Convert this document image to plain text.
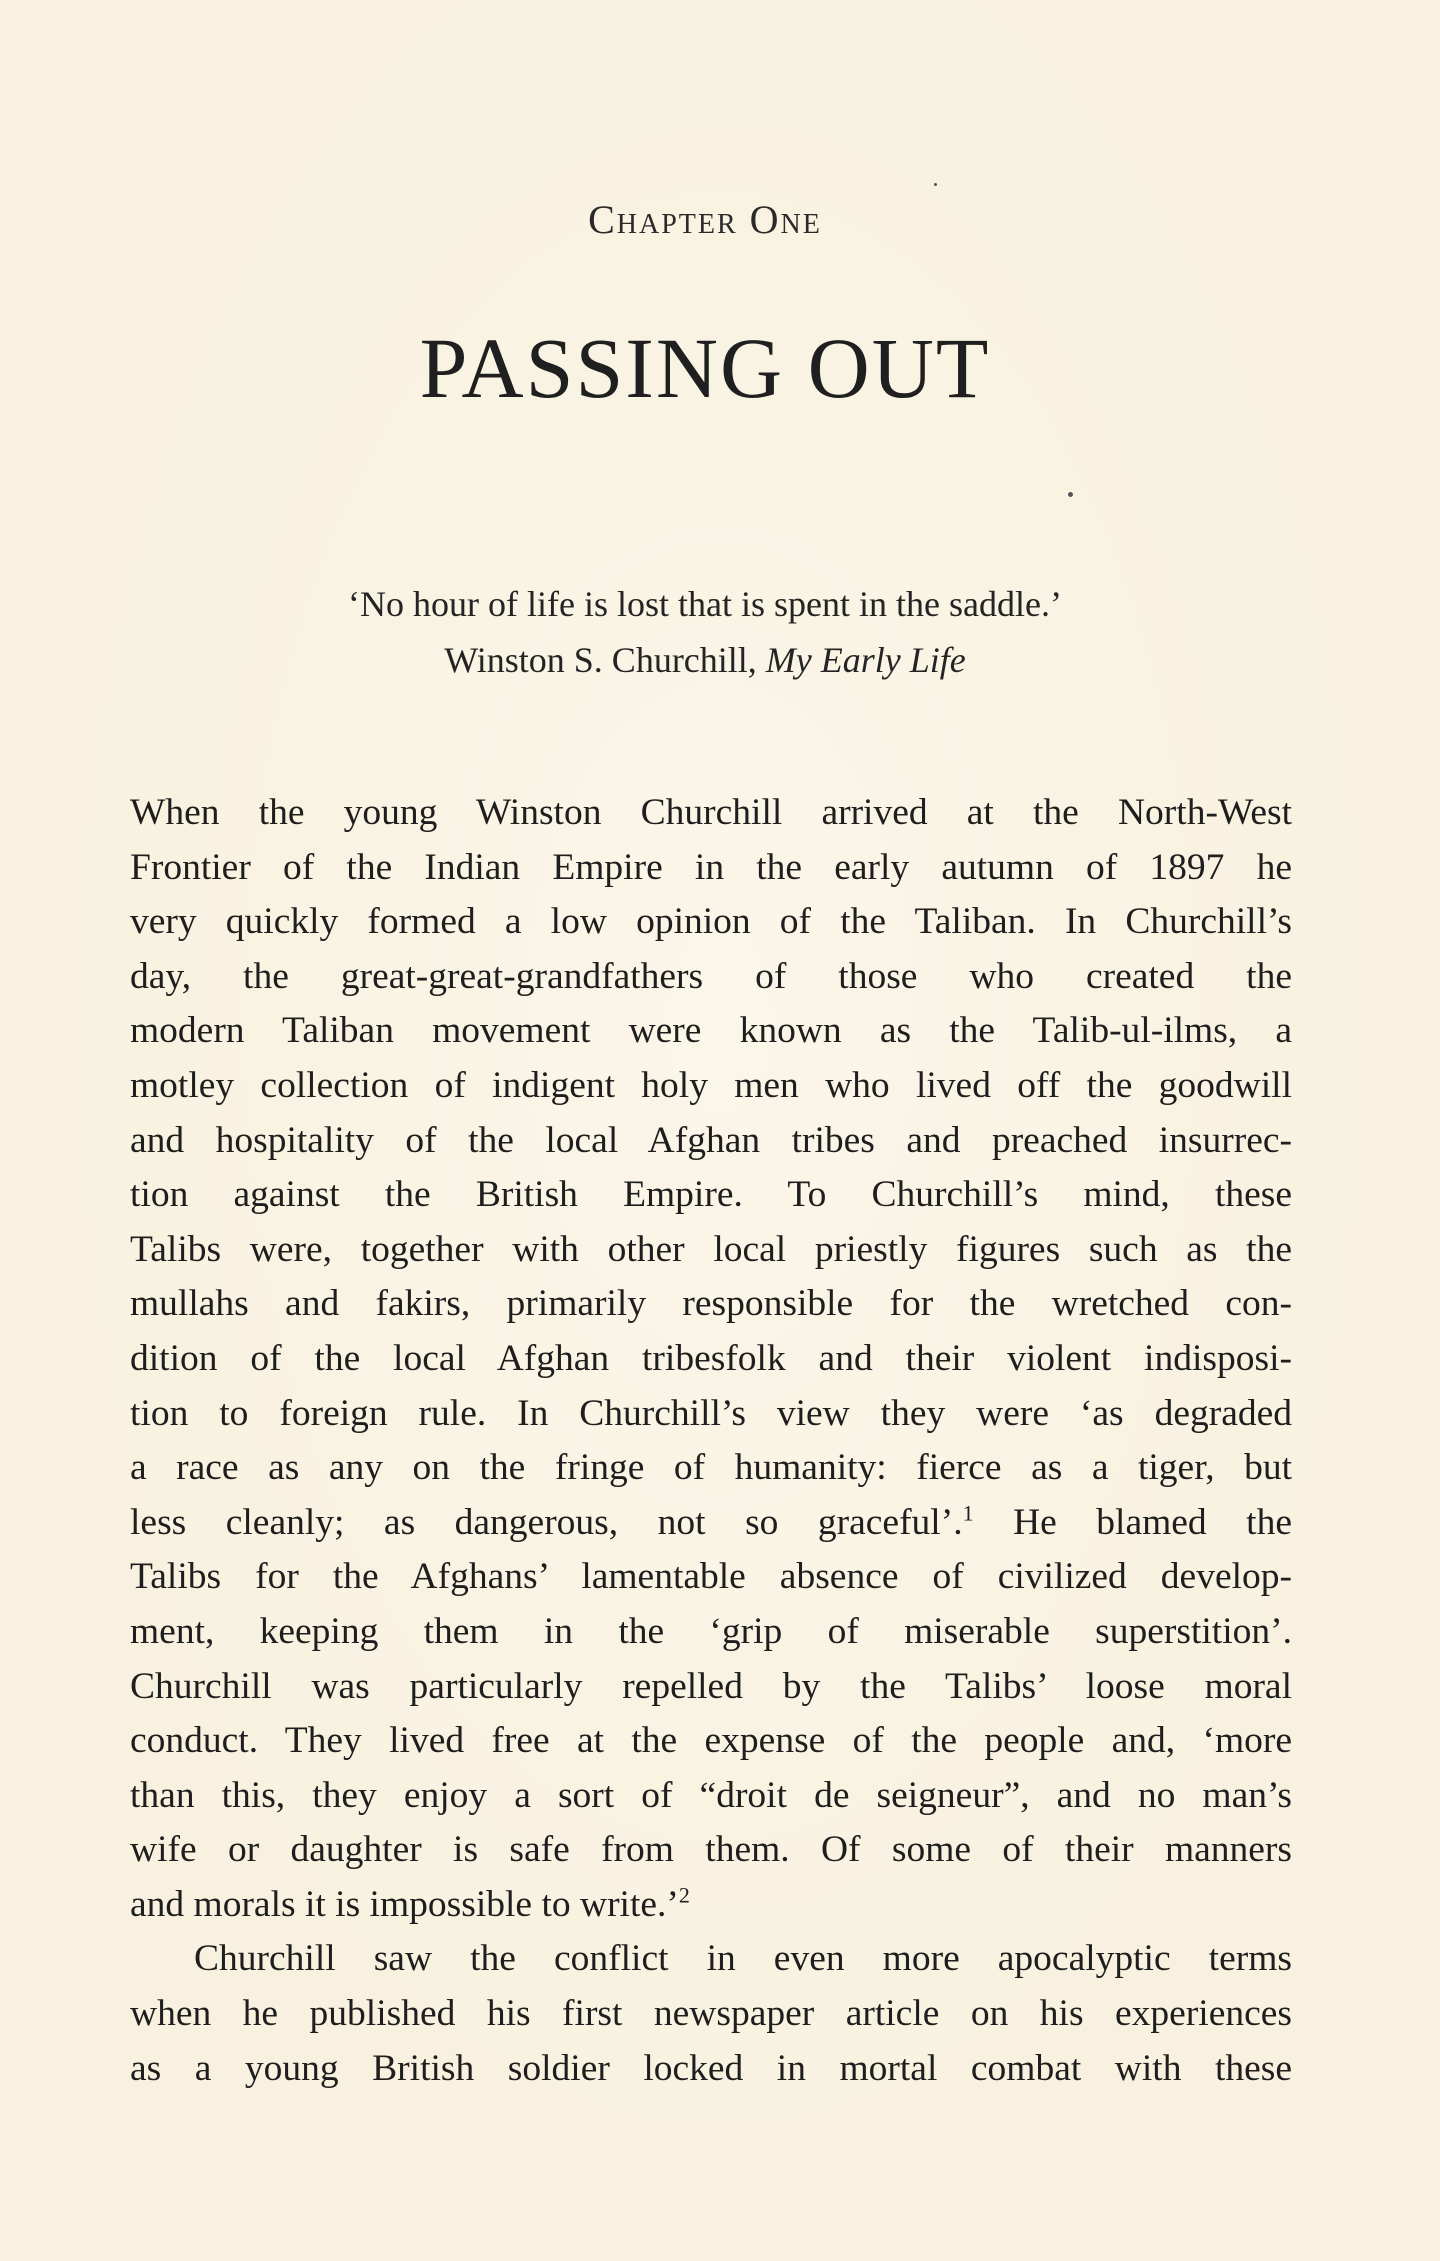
Chapter One
PASSING OUT
‘No hour of life is lost that is spent in the saddle.’
Winston S. Churchill, My Early Life
When the young Winston Churchill arrived at the North-West
Frontier of the Indian Empire in the early autumn of 1897 he
very quickly formed a low opinion of the Taliban. In Churchill’s
day, the great-great-grandfathers of those who created the
modern Taliban movement were known as the Talib-ul-ilms, a
motley collection of indigent holy men who lived off the goodwill
and hospitality of the local Afghan tribes and preached insurrec-
tion against the British Empire. To Churchill’s mind, these
Talibs were, together with other local priestly figures such as the
mullahs and fakirs, primarily responsible for the wretched con-
dition of the local Afghan tribesfolk and their violent indisposi-
tion to foreign rule. In Churchill’s view they were ‘as degraded
a race as any on the fringe of humanity: fierce as a tiger, but
less cleanly; as dangerous, not so graceful’.$^1$ He blamed the
Talibs for the Afghans’ lamentable absence of civilized develop-
ment, keeping them in the ‘grip of miserable superstition’.
Churchill was particularly repelled by the Talibs’ loose moral
conduct. They lived free at the expense of the people and, ‘more
than this, they enjoy a sort of “droit de seigneur”, and no man’s
wife or daughter is safe from them. Of some of their manners
and morals it is impossible to write.’$^2$
Churchill saw the conflict in even more apocalyptic terms
when he published his first newspaper article on his experiences
as a young British soldier locked in mortal combat with these
